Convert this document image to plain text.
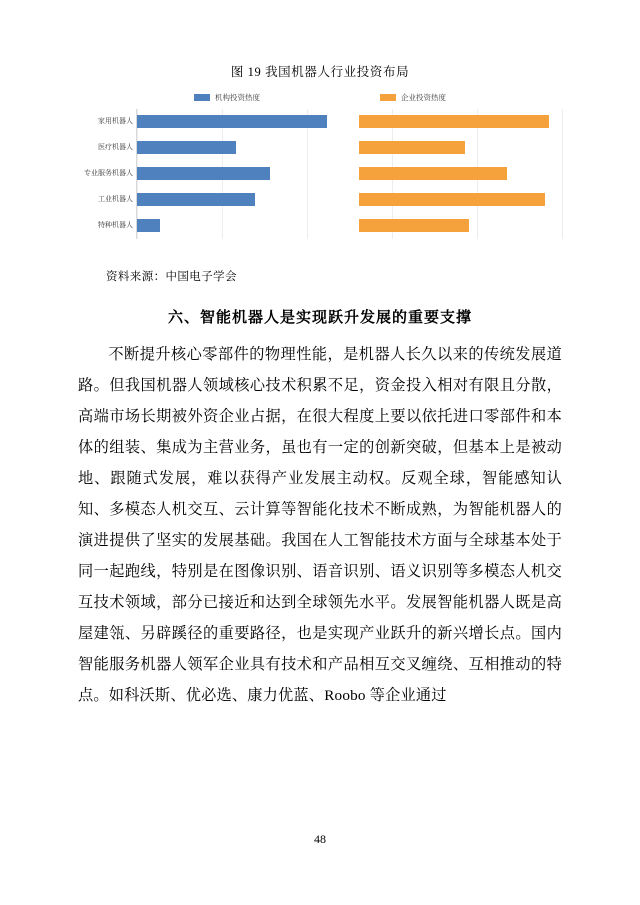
图 19 我国机器人行业投资布局
机构投资热度	企业投资热度
家用机器人
医疗机器人
专业服务机器人
工业机器人
特种机器人
资料来源：中国电子学会
六、智能机器人是实现跃升发展的重要支撑

不断提升核心零部件的物理性能，是机器人长久以来的传统发展道路。但我国机器人领域核心技术积累不足，资金投入相对有限且分散，高端市场长期被外资企业占据，在很大程度上要以依托进口零部件和本体的组装、集成为主营业务，虽也有一定的创新突破，但基本上是被动地、跟随式发展，难以获得产业发展主动权。反观全球，智能感知认知、多模态人机交互、云计算等智能化技术不断成熟，为智能机器人的演进提供了坚实的发展基础。我国在人工智能技术方面与全球基本处于同一起跑线，特别是在图像识别、语音识别、语义识别等多模态人机交互技术领域，部分已接近和达到全球领先水平。发展智能机器人既是高屋建瓴、另辟蹊径的重要路径，也是实现产业跃升的新兴增长点。国内智能服务机器人领军企业具有技术和产品相互交叉缠绕、互相推动的特点。如科沃斯、优必选、康力优蓝、Roobo 等企业通过

48
